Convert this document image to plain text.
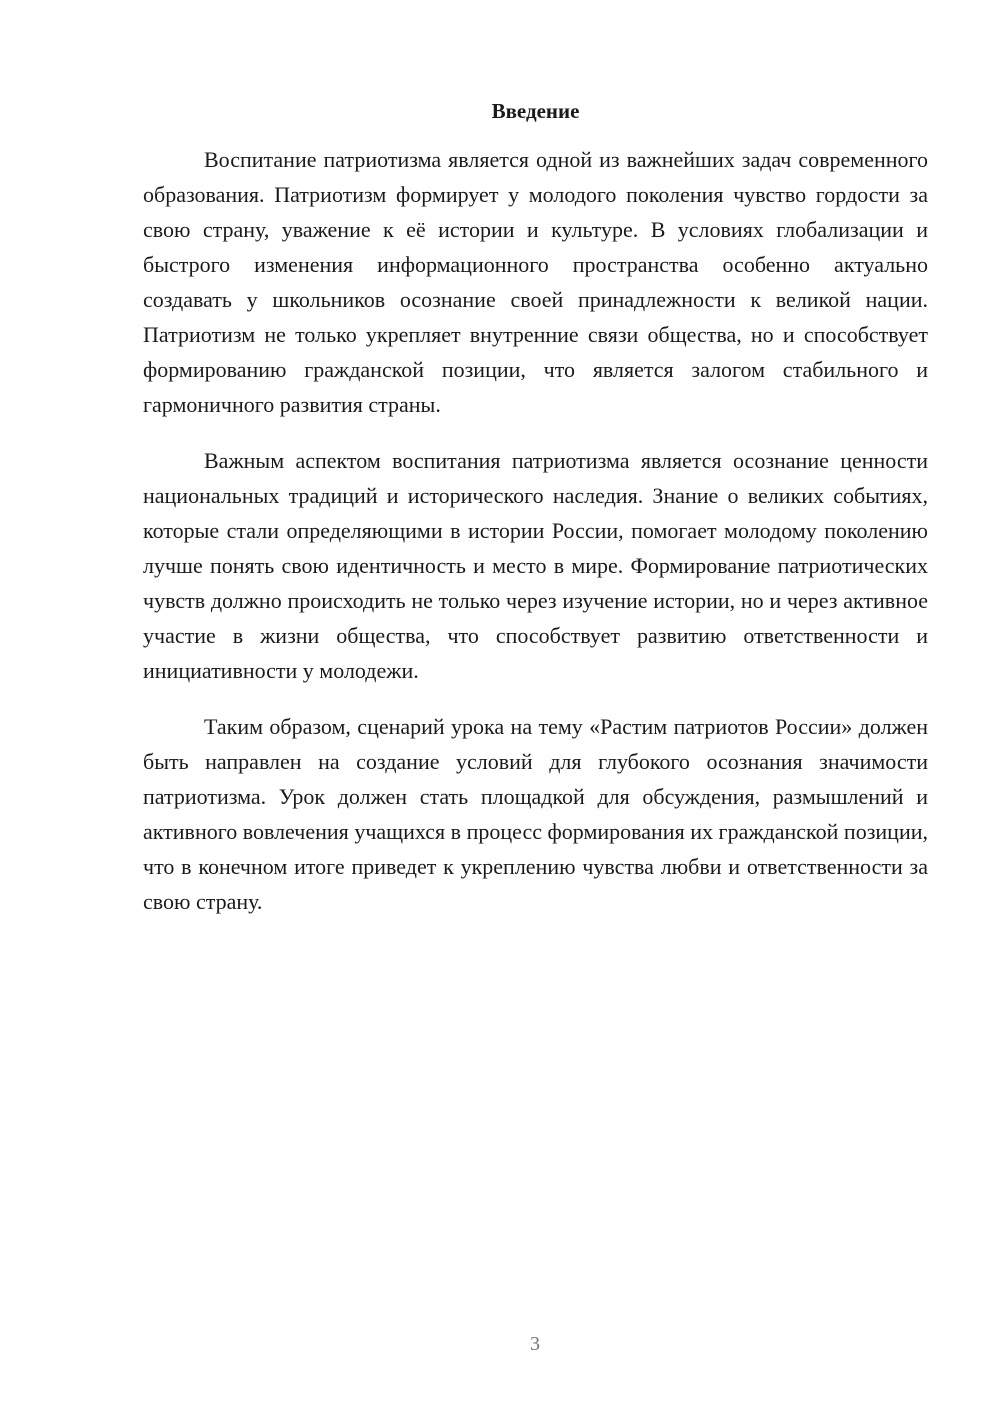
Введение

Воспитание патриотизма является одной из важнейших задач современного образования. Патриотизм формирует у молодого поколения чувство гордости за свою страну, уважение к её истории и культуре. В условиях глобализации и быстрого изменения информационного пространства особенно актуально создавать у школьников осознание своей принадлежности к великой нации. Патриотизм не только укрепляет внутренние связи общества, но и способствует формированию гражданской позиции, что является залогом стабильного и гармоничного развития страны.

Важным аспектом воспитания патриотизма является осознание ценности национальных традиций и исторического наследия. Знание о великих событиях, которые стали определяющими в истории России, помогает молодому поколению лучше понять свою идентичность и место в мире. Формирование патриотических чувств должно происходить не только через изучение истории, но и через активное участие в жизни общества, что способствует развитию ответственности и инициативности у молодежи.

Таким образом, сценарий урока на тему «Растим патриотов России» должен быть направлен на создание условий для глубокого осознания значимости патриотизма. Урок должен стать площадкой для обсуждения, размышлений и активного вовлечения учащихся в процесс формирования их гражданской позиции, что в конечном итоге приведет к укреплению чувства любви и ответственности за свою страну.

3
